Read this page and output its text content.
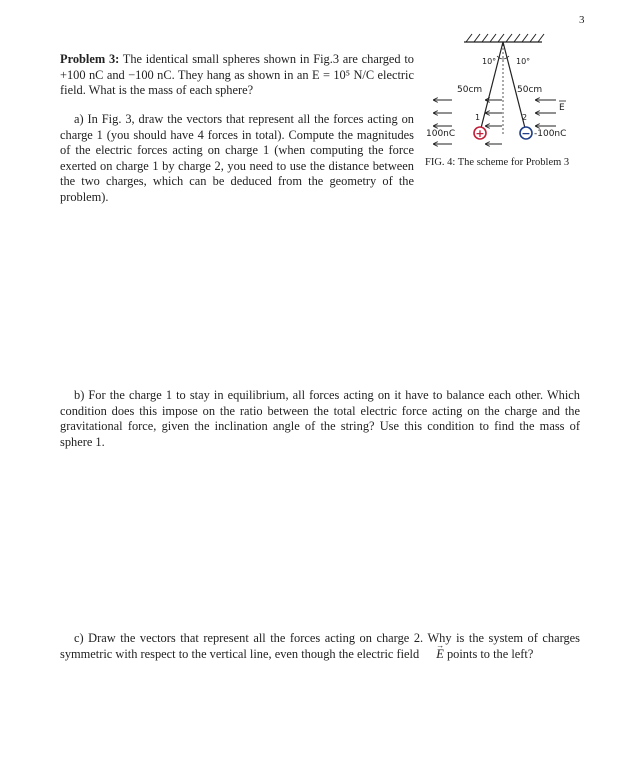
3

Problem 3: The identical small spheres shown in Fig.3 are charged to +100 nC and −100 nC. They hang as shown in an E = 10⁵ N/C electric field. What is the mass of each sphere?

a) In Fig. 3, draw the vectors that represent all the forces acting on charge 1 (you should have 4 forces in total). Compute the magnitudes of the electric forces acting on charge 1 (when computing the force exerted on charge 1 by charge 2, you need to use the distance between the two charges, which can be deduced from the geometry of the problem).

10° 10°
50cm	50cm
+	−
100nC	-100nC
1	2
E

FIG. 4: The scheme for Problem 3

b) For the charge 1 to stay in equilibrium, all forces acting on it have to balance each other. Which condition does this impose on the ratio between the total electric force acting on the charge and the gravitational force, given the inclination angle of the string? Use this condition to find the mass of sphere 1.

c) Draw the vectors that represent all the forces acting on charge 2. Why is the system of charges symmetric with respect to the vertical line, even though the electric field → E points to the left?
